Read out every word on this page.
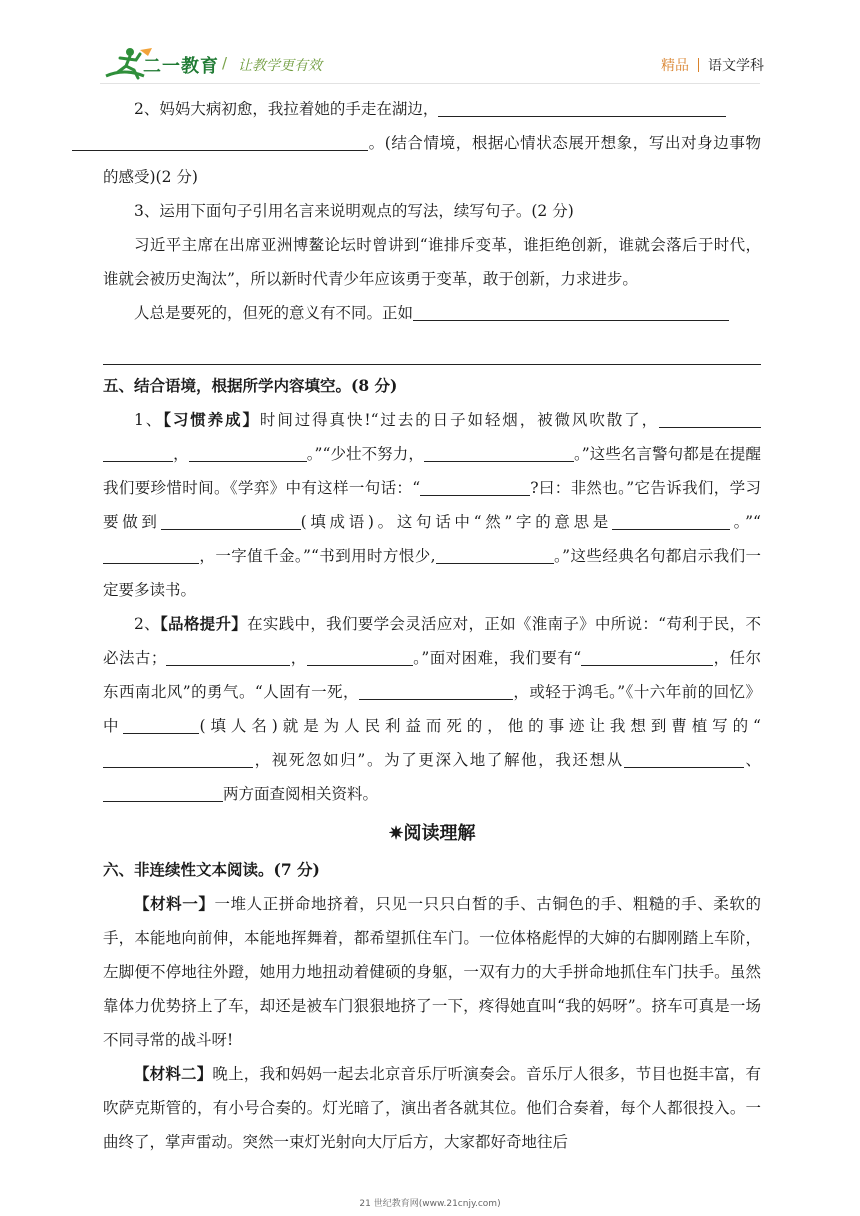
二一教育 / 让教学更有效	精品 语文学科

2、妈妈大病初愈，我拉着她的手走在湖边，
。(结合情境，根据心情状态展开想象，写出对身边事物的感受)(2 分)

3、运用下面句子引用名言来说明观点的写法，续写句子。(2 分)

习近平主席在出席亚洲博鳌论坛时曾讲到“谁排斥变革，谁拒绝创新，谁就会落后于时代，谁就会被历史淘汰”，所以新时代青少年应该勇于变革，敢于创新，力求进步。

人总是要死的，但死的意义有不同。正如

五、结合语境，根据所学内容填空。(8 分)

1、【习惯养成】时间过得真快!“过去的日子如轻烟，被微风吹散了，，	。”“少壮不努力，	。”这些名言警句都是在提醒我们要珍惜时间。《学弈》中有这样一句话：“	?曰：非然也。”它告诉我们，学习要做到	(填成语)。这句话中“然”字的意思是	。”“，一字值千金。”“书到用时方恨少,	。”这些经典名句都启示我们一定要多读书。

2、【品格提升】在实践中，我们要学会灵活应对，正如《淮南子》中所说：“苟利于民，不必法古；	，	。”面对困难，我们要有“	，任尔东西南北风”的勇气。“人固有一死，	，或轻于鸿毛。”《十六年前的回忆》中	(填人名)就是为人民利益而死的，他的事迹让我想到曹植写的“，视死忽如归”。为了更深入地了解他，我还想从	、两方面查阅相关资料。

✷阅读理解

六、非连续性文本阅读。(7 分)

【材料一】一堆人正拼命地挤着，只见一只只白皙的手、古铜色的手、粗糙的手、柔软的手，本能地向前伸，本能地挥舞着，都希望抓住车门。一位体格彪悍的大婶的右脚刚踏上车阶，左脚便不停地往外蹬，她用力地扭动着健硕的身躯，一双有力的大手拼命地抓住车门扶手。虽然靠体力优势挤上了车，却还是被车门狠狠地挤了一下，疼得她直叫“我的妈呀”。挤车可真是一场不同寻常的战斗呀!

【材料二】晚上，我和妈妈一起去北京音乐厅听演奏会。音乐厅人很多，节目也挺丰富，有吹萨克斯管的，有小号合奏的。灯光暗了，演出者各就其位。他们合奏着，每个人都很投入。一曲终了，掌声雷动。突然一束灯光射向大厅后方，大家都好奇地往后

21 世纪教育网(www.21cnjy.com)
